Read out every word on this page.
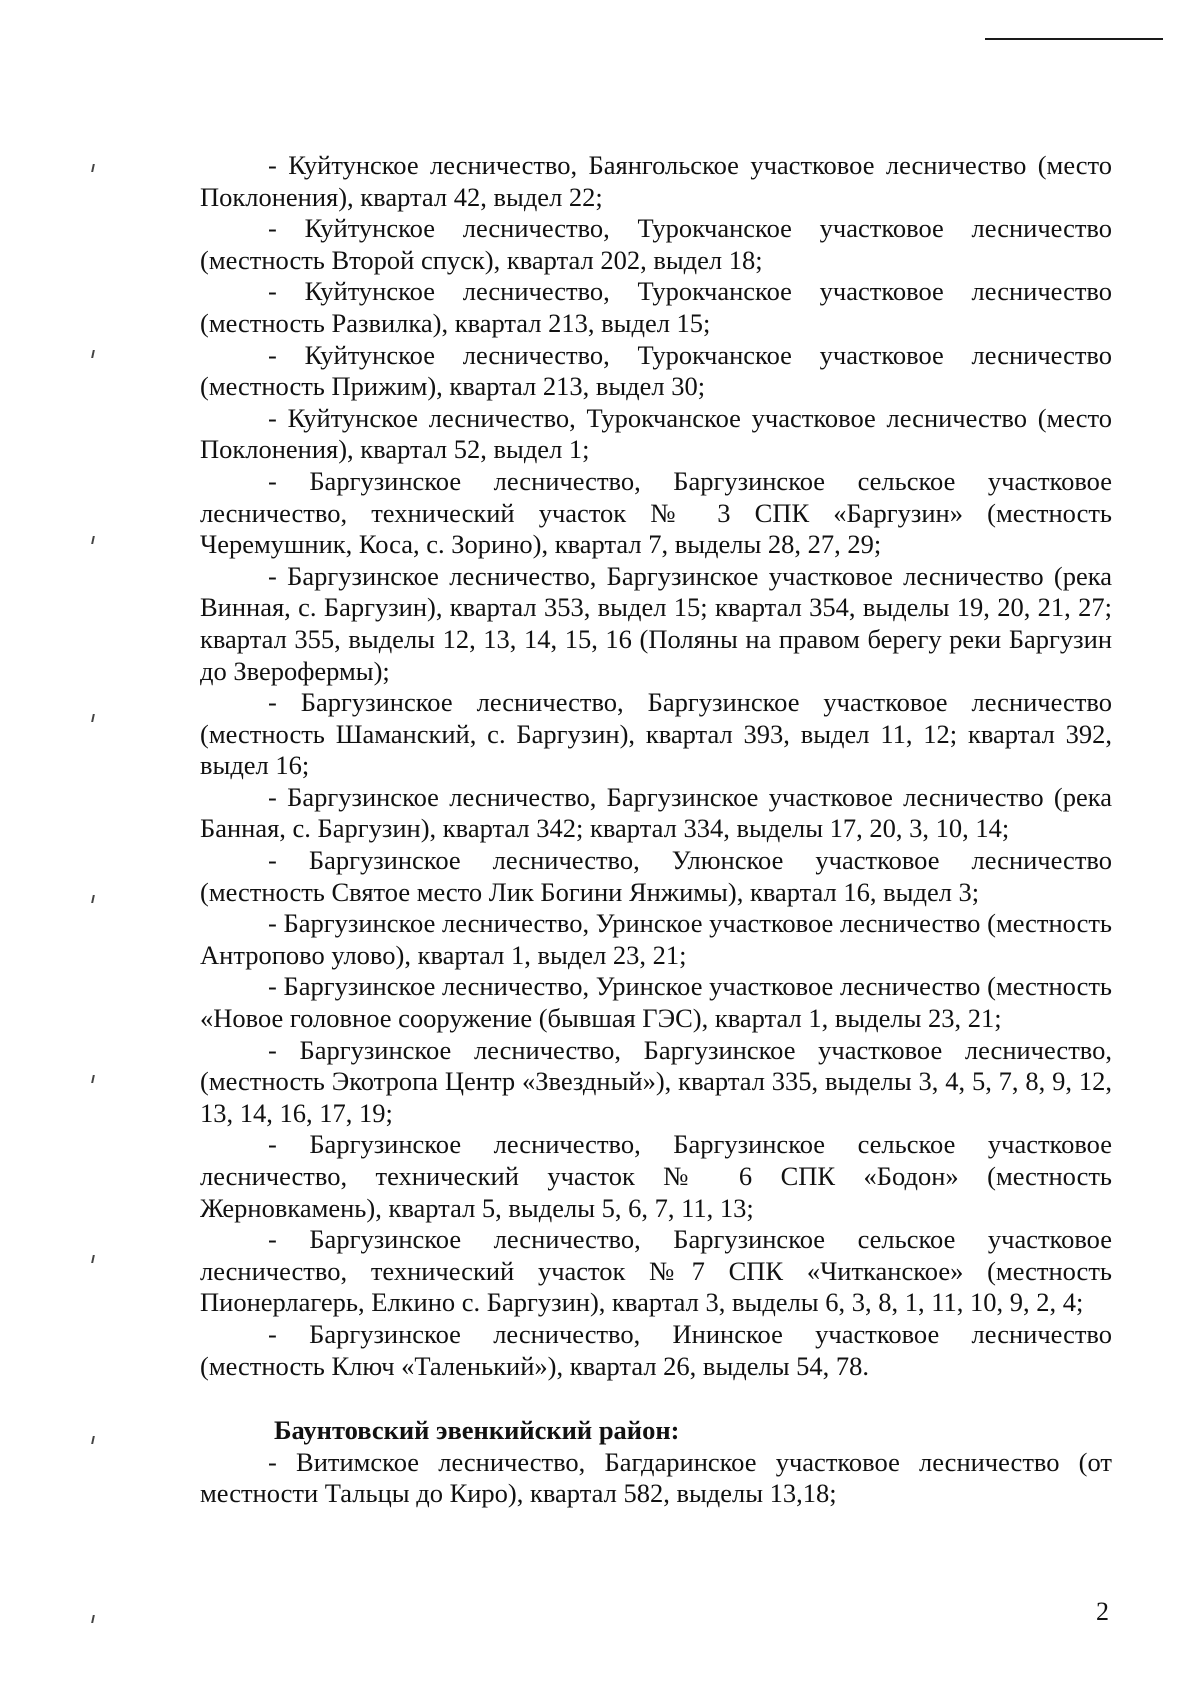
- Куйтунское лесничество, Баянгольское участковое лесничество (место Поклонения), квартал 42, выдел 22;

- Куйтунское лесничество, Турокчанское участковое лесничество (местность Второй спуск), квартал 202, выдел 18;

- Куйтунское лесничество, Турокчанское участковое лесничество (местность Развилка), квартал 213, выдел 15;

- Куйтунское лесничество, Турокчанское участковое лесничество (местность Прижим), квартал 213, выдел 30;

- Куйтунское лесничество, Турокчанское участковое лесничество (место Поклонения), квартал 52, выдел 1;

- Баргузинское лесничество, Баргузинское сельское участковое лесничество, технический участок № 3 СПК «Баргузин» (местность Черемушник, Коса, с. Зорино), квартал 7, выделы 28, 27, 29;

- Баргузинское лесничество, Баргузинское участковое лесничество (река Винная, с. Баргузин), квартал 353, выдел 15; квартал 354, выделы 19, 20, 21, 27; квартал 355, выделы 12, 13, 14, 15, 16 (Поляны на правом берегу реки Баргузин до Зверофермы);

- Баргузинское лесничество, Баргузинское участковое лесничество (местность Шаманский, с. Баргузин), квартал 393, выдел 11, 12; квартал 392, выдел 16;

- Баргузинское лесничество, Баргузинское участковое лесничество (река Банная, с. Баргузин), квартал 342; квартал 334, выделы 17, 20, 3, 10, 14;

- Баргузинское лесничество, Улюнское участковое лесничество (местность Святое место Лик Богини Янжимы), квартал 16, выдел 3;

- Баргузинское лесничество, Уринское участковое лесничество (местность Антропово улово), квартал 1, выдел 23, 21;

- Баргузинское лесничество, Уринское участковое лесничество (местность «Новое головное сооружение (бывшая ГЭС), квартал 1, выделы 23, 21;

- Баргузинское лесничество, Баргузинское участковое лесничество, (местность Экотропа Центр «Звездный»), квартал 335, выделы 3, 4, 5, 7, 8, 9, 12, 13, 14, 16, 17, 19;

- Баргузинское лесничество, Баргузинское сельское участковое лесничество, технический участок № 6 СПК «Бодон» (местность Жерновкамень), квартал 5, выделы 5, 6, 7, 11, 13;

- Баргузинское лесничество, Баргузинское сельское участковое лесничество, технический участок №7 СПК «Читканское» (местность Пионерлагерь, Елкино с. Баргузин), квартал 3, выделы 6, 3, 8, 1, 11, 10, 9, 2, 4;

- Баргузинское лесничество, Ининское участковое лесничество (местность Ключ «Таленький»), квартал 26, выделы 54, 78.

Баунтовский эвенкийский район:

- Витимское лесничество, Багдаринское участковое лесничество (от местности Тальцы до Киро), квартал 582, выделы 13,18;

2
